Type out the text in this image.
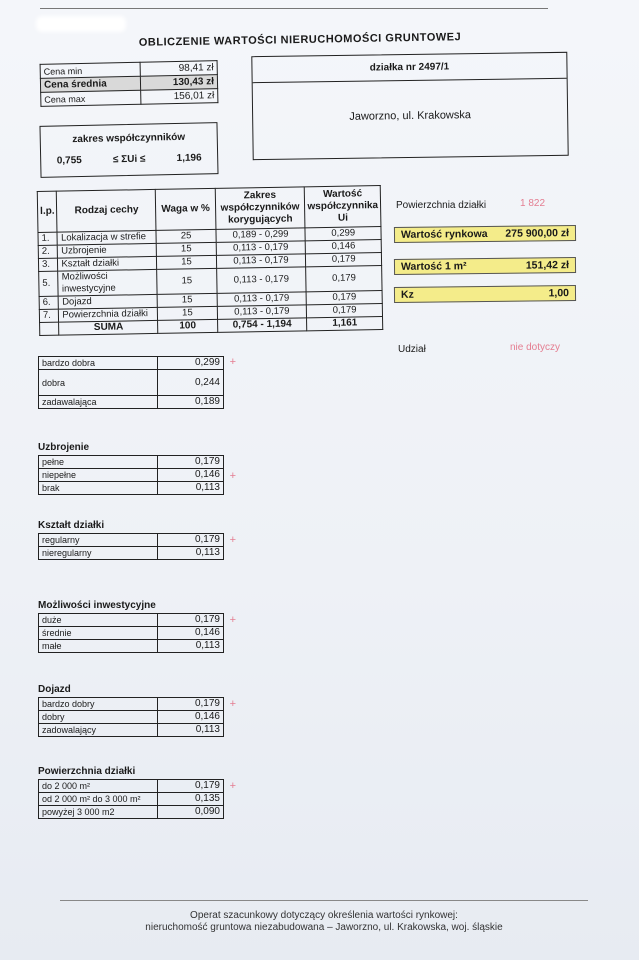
OBLICZENIE WARTOŚCI NIERUCHOMOŚCI GRUNTOWEJ
Cena min	98,41 zł
Cena średnia	130,43 zł
Cena max	156,01 zł
działka nr 2497/1
Jaworzno, ul. Krakowska
zakres współczynników
0,755	≤ ΣUi ≤	1,196
l.p.	Rodzaj cechy	Waga w %	Zakres współczynników korygujących	Wartość współczynnika Ui
1.	Lokalizacja w strefie	25	0,189 - 0,299	0,299
2.	Uzbrojenie	15	0,113 - 0,179	0,146
3.	Kształt działki	15	0,113 - 0,179	0,179
5.	Możliwości inwestycyjne	15	0,113 - 0,179	0,179
6.	Dojazd	15	0,113 - 0,179	0,179
7.	Powierzchnia działki	15	0,113 - 0,179	0,179
	SUMA	100	0,754 - 1,194	1,161
Powierzchnia działki	1 822
Wartość rynkowa 275 900,00 zł
Wartość 1 m²	151,42 zł
Kz	1,00
Udział	nie dotyczy
bardzo dobra	0,299
dobra	0,244
zadawalająca	0,189
+
Uzbrojenie
pełne	0,179
niepełne	0,146
brak	0,113
+
Kształt działki
regularny	0,179
nieregularny	0,113
+
Możliwości inwestycyjne
duże	0,179
średnie	0,146
małe	0,113
+
Dojazd
bardzo dobry	0,179
dobry	0,146
zadowalający	0,113
+
Powierzchnia działki
do 2 000 m²	0,179
od 2 000 m² do 3 000 m²	0,135
powyżej 3 000 m2	0,090
+
Operat szacunkowy dotyczący określenia wartości rynkowej:
nieruchomość gruntowa niezabudowana – Jaworzno, ul. Krakowska, woj. śląskie
